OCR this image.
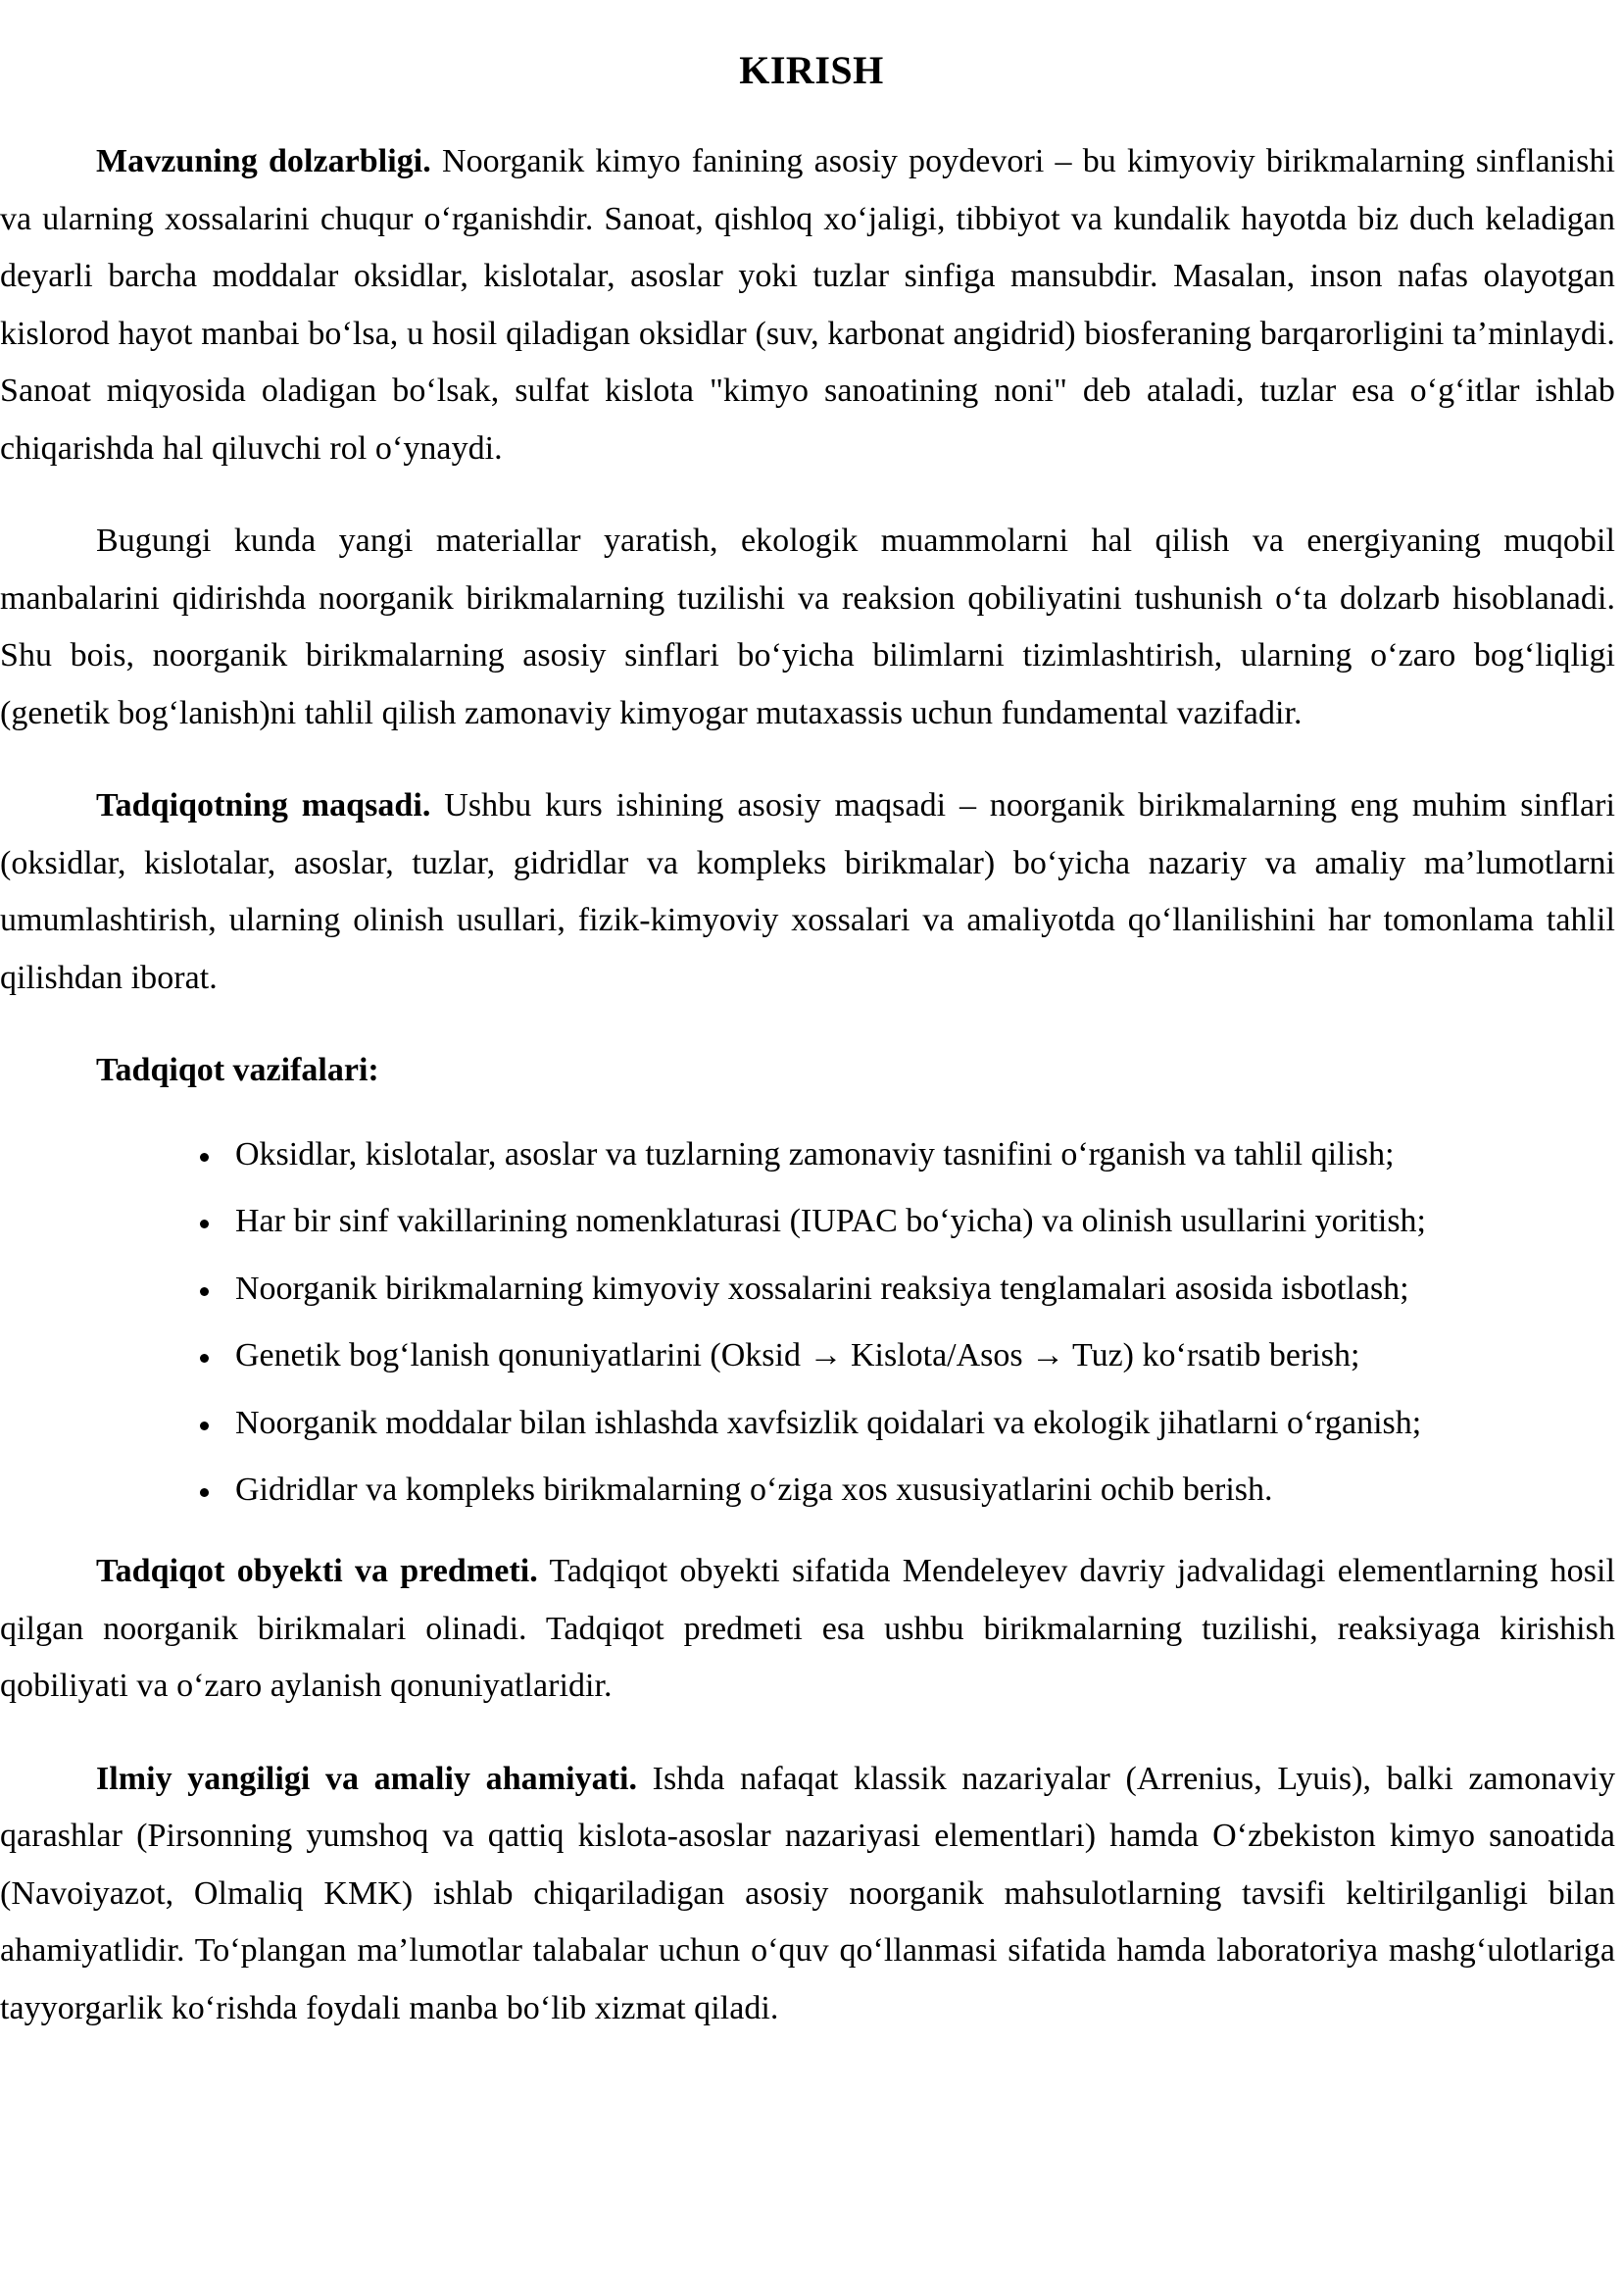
KIRISH

Mavzuning dolzarbligi. Noorganik kimyo fanining asosiy poydevori – bu kimyoviy birikmalarning sinflanishi va ularning xossalarini chuqur o‘rganishdir. Sanoat, qishloq xo‘jaligi, tibbiyot va kundalik hayotda biz duch keladigan deyarli barcha moddalar oksidlar, kislotalar, asoslar yoki tuzlar sinfiga mansubdir. Masalan, inson nafas olayotgan kislorod hayot manbai bo‘lsa, u hosil qiladigan oksidlar (suv, karbonat angidrid) biosferaning barqarorligini ta’minlaydi. Sanoat miqyosida oladigan bo‘lsak, sulfat kislota "kimyo sanoatining noni" deb ataladi, tuzlar esa o‘g‘itlar ishlab chiqarishda hal qiluvchi rol o‘ynaydi.

Bugungi kunda yangi materiallar yaratish, ekologik muammolarni hal qilish va energiyaning muqobil manbalarini qidirishda noorganik birikmalarning tuzilishi va reaksion qobiliyatini tushunish o‘ta dolzarb hisoblanadi. Shu bois, noorganik birikmalarning asosiy sinflari bo‘yicha bilimlarni tizimlashtirish, ularning o‘zaro bog‘liqligi (genetik bog‘lanish)ni tahlil qilish zamonaviy kimyogar mutaxassis uchun fundamental vazifadir.

Tadqiqotning maqsadi. Ushbu kurs ishining asosiy maqsadi – noorganik birikmalarning eng muhim sinflari (oksidlar, kislotalar, asoslar, tuzlar, gidridlar va kompleks birikmalar) bo‘yicha nazariy va amaliy ma’lumotlarni umumlashtirish, ularning olinish usullari, fizik-kimyoviy xossalari va amaliyotda qo‘llanilishini har tomonlama tahlil qilishdan iborat.

Tadqiqot vazifalari:
Oksidlar, kislotalar, asoslar va tuzlarning zamonaviy tasnifini o‘rganish va tahlil qilish;
Har bir sinf vakillarining nomenklaturasi (IUPAC bo‘yicha) va olinish usullarini yoritish;
Noorganik birikmalarning kimyoviy xossalarini reaksiya tenglamalari asosida isbotlash;
Genetik bog‘lanish qonuniyatlarini (Oksid → Kislota/Asos → Tuz) ko‘rsatib berish;
Noorganik moddalar bilan ishlashda xavfsizlik qoidalari va ekologik jihatlarni o‘rganish;
Gidridlar va kompleks birikmalarning o‘ziga xos xususiyatlarini ochib berish.

Tadqiqot obyekti va predmeti. Tadqiqot obyekti sifatida Mendeleyev davriy jadvalidagi elementlarning hosil qilgan noorganik birikmalari olinadi. Tadqiqot predmeti esa ushbu birikmalarning tuzilishi, reaksiyaga kirishish qobiliyati va o‘zaro aylanish qonuniyatlaridir.

Ilmiy yangiligi va amaliy ahamiyati. Ishda nafaqat klassik nazariyalar (Arrenius, Lyuis), balki zamonaviy qarashlar (Pirsonning yumshoq va qattiq kislota-asoslar nazariyasi elementlari) hamda O‘zbekiston kimyo sanoatida (Navoiyazot, Olmaliq KMK) ishlab chiqariladigan asosiy noorganik mahsulotlarning tavsifi keltirilganligi bilan ahamiyatlidir. To‘plangan ma’lumotlar talabalar uchun o‘quv qo‘llanmasi sifatida hamda laboratoriya mashg‘ulotlariga tayyorgarlik ko‘rishda foydali manba bo‘lib xizmat qiladi.
